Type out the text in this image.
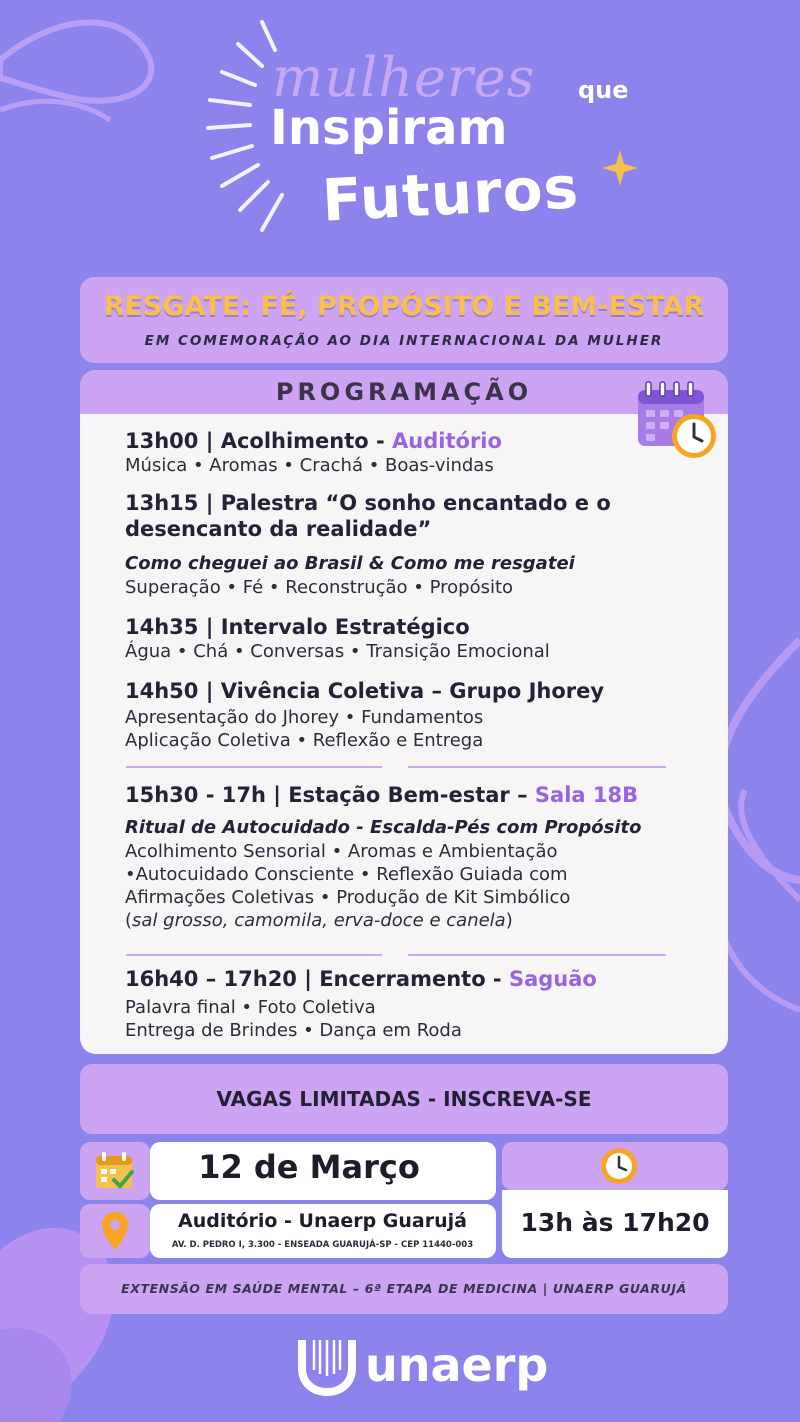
mulheres que
Inspiram
Futuros
RESGATE: FÉ, PROPÓSITO E BEM-ESTAR
EM COMEMORAÇÃO AO DIA INTERNACIONAL DA MULHER
PROGRAMAÇÃO
13h00 | Acolhimento - Auditório
Música • Aromas • Crachá • Boas-vindas
13h15 | Palestra “O sonho encantado e o
desencanto da realidade”
Como cheguei ao Brasil & Como me resgatei
Superação • Fé • Reconstrução • Propósito
14h35 | Intervalo Estratégico
Água • Chá • Conversas • Transição Emocional
14h50 | Vivência Coletiva – Grupo Jhorey
Apresentação do Jhorey • Fundamentos
Aplicação Coletiva • Reflexão e Entrega
15h30 - 17h | Estação Bem-estar – Sala 18B
Ritual de Autocuidado - Escalda-Pés com Propósito
Acolhimento Sensorial • Aromas e Ambientação
•Autocuidado Consciente • Reflexão Guiada com
Afirmações Coletivas • Produção de Kit Simbólico
(sal grosso, camomila, erva-doce e canela)
16h40 – 17h20 | Encerramento - Saguão
Palavra final • Foto Coletiva
Entrega de Brindes • Dança em Roda
VAGAS LIMITADAS - INSCREVA-SE
12 de Março
Auditório - Unaerp Guarujá
AV. D. PEDRO I, 3.300 - ENSEADA GUARUJÁ-SP - CEP 11440-003
13h às 17h20
EXTENSÃO EM SAÚDE MENTAL – 6ª ETAPA DE MEDICINA | UNAERP GUARUJÁ
unaerp
